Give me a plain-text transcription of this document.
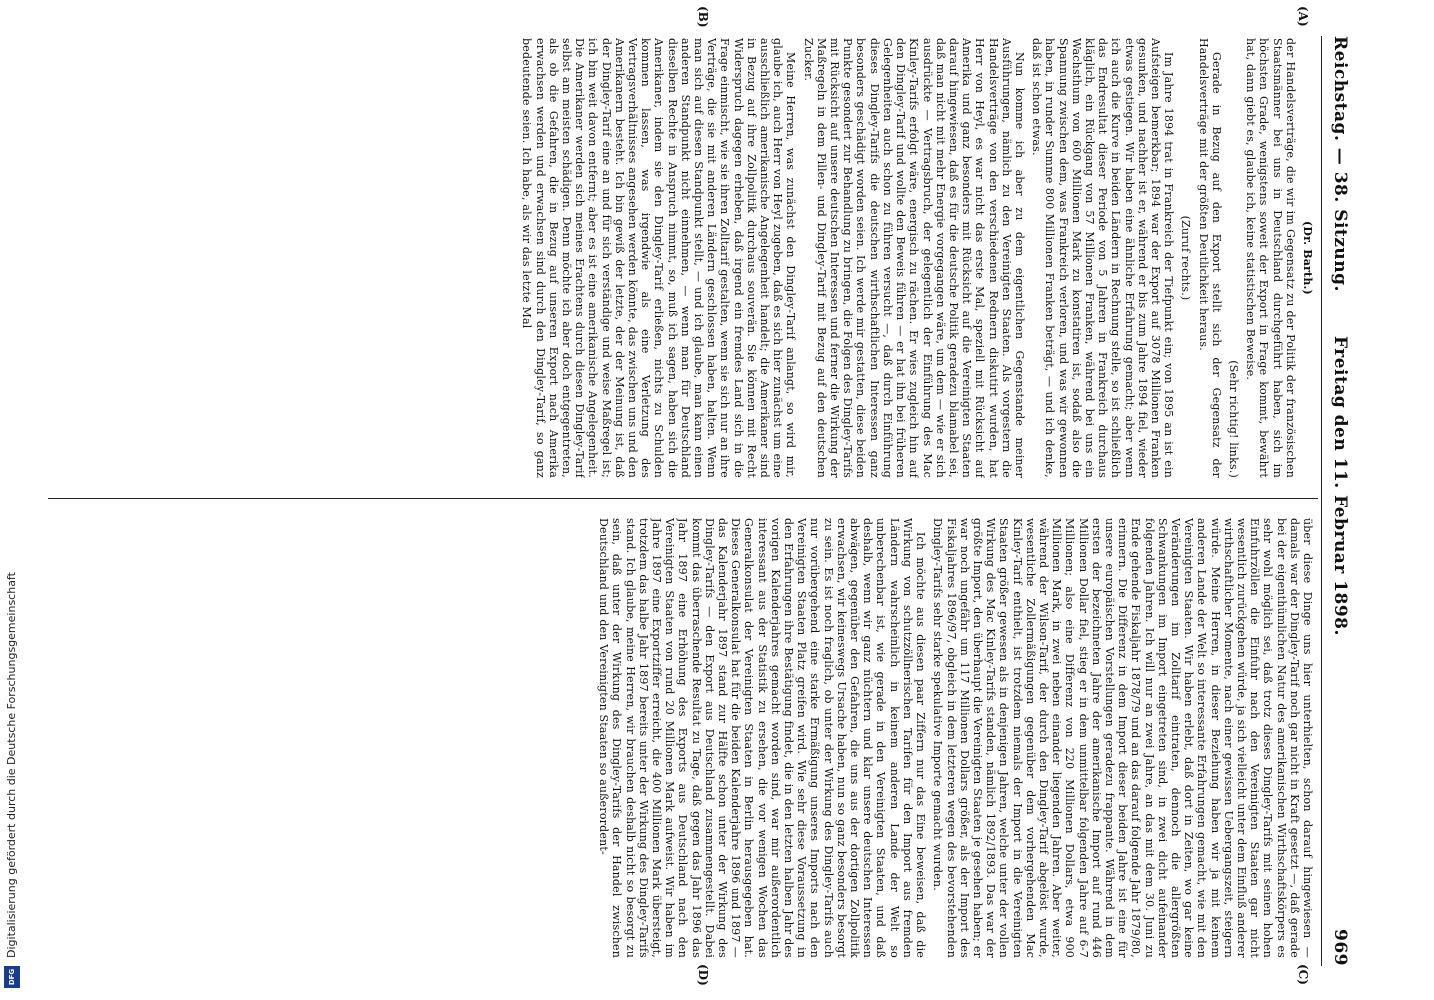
Reichstag. — 38. Sitzung.
Freitag den 11. Februar 1898.
969
(A)
(B)
(C)
(D)

(Dr. Barth.)

der Handelsverträge, die wir im Gegensatz zu der Politik der französischen Staatsmänner bei uns in Deutschland durchgeführt haben, sich im höchsten Grade, wenigstens soweit der Export in Frage kommt, bewährt hat, dann giebt es, glaube ich, keine statistischen Beweise.

(Sehr richtig! links.)

Gerade in Bezug auf den Export stellt sich der Gegensatz der Handelsverträge mit der größten Deutlichkeit heraus.

(Zuruf rechts.)

Im Jahre 1894 trat in Frankreich der Tiefpunkt ein; von 1895 an ist ein Aufsteigen bemerkbar; 1894 war der Export auf 3078 Millionen Franken gesunken, und nachher ist er, während er bis zum Jahre 1894 fiel, wieder etwas gestiegen. Wir haben eine ähnliche Erfahrung gemacht; aber wenn ich auch die Kurve in beiden Ländern in Rechnung stelle, so ist schließlich das Endresultat dieser Periode von 5 Jahren in Frankreich durchaus kläglich, ein Rückgang von 57 Millionen Franken, während bei uns ein Wachsthum von 600 Millionen Mark zu konstatiren ist, sodaß also die Spannung zwischen dem, was Frankreich verloren, und was wir gewonnen haben, in runder Summe 800 Millionen Franken beträgt, — und ich denke, daß ist schon etwas.

Nun komme ich aber zu dem eigentlichen Gegenstande meiner Ausführungen, nämlich zu den Vereinigten Staaten. Als vorgestern die Handelsverträge von den verschiedenen Rednern diskutirt wurden, hat Herr von Heyl, es war nicht das erste Mal, speziell mit Rücksicht auf Amerika und ganz besonders mit Rücksicht auf die Vereinigten Staaten darauf hingewiesen, daß es für die deutsche Politik geradezu blamabel sei, daß man nicht mit mehr Energie vorgegangen wäre, um dem — wie er sich ausdrückte — Vertragsbruch, der gelegentlich der Einführung des Mac Kinley-Tarifs erfolgt wäre, energisch zu rächen. Er wies zugleich hin auf den Dingley-Tarif und wollte den Beweis führen — er hat ihn bei früheren Gelegenheiten auch schon zu führen versucht —, daß durch Einführung dieses Dingley-Tarifs die deutschen wirthschaftlichen Interessen ganz besonders geschädigt worden seien. Ich werde mir gestatten, diese beiden Punkte gesondert zur Behandlung zu bringen, die Folgen des Dingley-Tarifs mit Rücksicht auf unsere deutschen Interessen und ferner die Wirkung der Maßregeln in dem Pillen- und Dingley-Tarif mit Bezug auf den deutschen Zucker.

Meine Herren, was zunächst den Dingley-Tarif anlangt, so wird mir, glaube ich, auch Herr von Heyl zugeben, daß es sich hier zunächst um eine ausschließlich amerikanische Angelegenheit handelt; die Amerikaner sind in Bezug auf ihre Zollpolitik durchaus souverän. Sie können mit Recht Widerspruch dagegen erheben, daß irgend ein fremdes Land sich in die Frage einmischt, wie sie ihren Zolltarif gestalten, wenn sie sich nur an ihre Verträge, die sie mit anderen Ländern geschlossen haben, halten. Wenn man sich auf diesen Standpunkt stellt, — und ich glaube, man kann einen anderen Standpunkt nicht einnehmen, — wenn man für Deutschland dieselben Rechte in Anspruch nimmt, so, muß ich sagen, haben sich die Amerikaner, indem sie den Dingley-Tarif erließen, nichts zu Schulden kommen lassen, was irgendwie als eine Verletzung des Vertragsverhältnisses angesehen werden könnte, das zwischen uns und den Amerikanern besteht. Ich bin gewiß der letzte, der der Meinung ist, daß der Dingley-Tarif eine an und für sich verständige und weise Maßregel ist; ich bin weit davon entfernt; aber es ist eine amerikanische Angelegenheit. Die Amerikaner werden sich meines Erachtens durch diesen Dingley-Tarif selbst am meisten schädigen. Denn möchte ich aber doch entgegentreten, als ob die Gefahren, die in Bezug auf unseren Export nach Amerika erwachsen werden und erwachsen sind durch den Dingley-Tarif, so ganz bedeutende seien. Ich habe, als wir das letzte Mal

über diese Dinge uns hier unterhielten, schon darauf hingewiesen — damals war der Dingley-Tarif noch gar nicht in Kraft gesetzt —, daß gerade bei der eigenthümlichen Natur des amerikanischen Wirthschaftskörpers es sehr wohl möglich sei, daß trotz dieses Dingley-Tarifs mit seinen hohen Einfuhrzöllen die Einfuhr nach den Vereinigten Staaten gar nicht wesentlich zurückgehen würde, ja sich vielleicht unter dem Einfluß anderer wirthschaftlicher Momente, nach einer gewissen Uebergangszeit, steigern würde. Meine Herren, in dieser Beziehung haben wir ja mit keinem anderen Lande der Welt so interessante Erfahrungen gemacht, wie mit den Vereinigten Staaten. Wir haben erlebt, daß dort in Zeiten, wo gar keine Veränderungen im Zolltarif eintraten, dennoch die allergrößten Schwankungen im Import eingetreten sind, in zwei dicht aufeinander folgenden Jahren. Ich will nur an zwei Jahre, an das mit dem 30. Juni zu Ende gehende Fiskaljahr 1878/79 und an das darauf folgende Jahr 1879/80, erinnern. Die Differenz in dem Import dieser beiden Jahre ist eine für unsere europäischen Vorstellungen geradezu frappante. Während in dem ersten der bezeichneten Jahre der amerikanische Import auf rund 446 Millionen Dollar fiel, stieg er in dem unmittelbar folgenden Jahre auf 6-7 Millionen; also eine Differenz von 220 Millionen Dollars, etwa 900 Millionen Mark, in zwei neben einander liegenden Jahren. Aber weiter, während der Wilson-Tarif, der durch den Dingley-Tarif abgelöst wurde, wesentliche Zollermäßigungen gegenüber dem vorhergehenden Mac Kinley-Tarif enthielt, ist trotzdem niemals der Import in die Vereinigten Staaten größer gewesen als in denjenigen Jahren, welche unter der vollen Wirkung des Mac Kinley-Tarifs standen, nämlich 1892/1893. Das war der größte Import, den überhaupt die Vereinigten Staaten je gesehen haben; er war noch ungefähr um 117 Millionen Dollars größer, als der Import des Fiskaljahres 1896/97, obgleich in dem letzteren wegen des bevorstehenden Dingley-Tarifs sehr starke spekulative Importe gemacht wurden.

Ich möchte aus diesen paar Ziffern nur das Eine beweisen, daß die Wirkung von schutzzöllnerischen Tarifen für den Import aus fremden Ländern wahrscheinlich in keinem anderen Lande der Welt so unberechenbar ist, wie gerade in den Vereinigten Staaten, und daß deshalb, wenn wir ganz nüchtern und klar unsere deutschen Interessen abwägen, gegenüber den Gefahren, die uns aus der dortigen Zollpolitik erwachsen, wir keineswegs Ursache haben, nun so ganz besonders besorgt zu sein. Es ist noch fraglich, ob unter der Wirkung des Dingley-Tarifs auch nur vorübergehend eine starke Ermäßigung unseres Imports nach den Vereinigten Staaten Platz greifen wird. Wie sehr diese Voraussetzung in den Erfahrungen ihre Bestätigung findet, die in den letzten halben Jahr des vorigen Kalenderjahres gemacht worden sind, war mir außerordentlich interessant aus der Statistik zu ersehen, die vor wenigen Wochen das Generalkonsulat der Vereinigten Staaten in Berlin herausgegeben hat. Dieses Generalkonsulat hat für die beiden Kalenderjahre 1896 und 1897 — das Kalenderjahr 1897 stand zur Hälfte schon unter der Wirkung des Dingley-Tarifs — den Export aus Deutschland zusammengestellt. Dabei kommt das überraschende Resultat zu Tage, daß gegen das Jahr 1896 das Jahr 1897 eine Erhöhung des Exports aus Deutschland nach den Vereinigten Staaten von rund 20 Millionen Mark aufweist. Wir haben im Jahre 1897 eine Exportziffer erreicht, die 400 Millionen Mark übersteigt, trotzdem das halbe Jahr 1897 bereits unter der Wirkung des Dingley-Tarifs stand. Ich glaube, meine Herren, wir brauchen deshalb nicht so besorgt zu sein, daß unter der Wirkung des Dingley-Tarifs der Handel zwischen Deutschland und den Vereinigten Staaten so außerordent-

Digitalisierung gefördert durch die Deutsche Forschungsgemeinschaft
DFG
